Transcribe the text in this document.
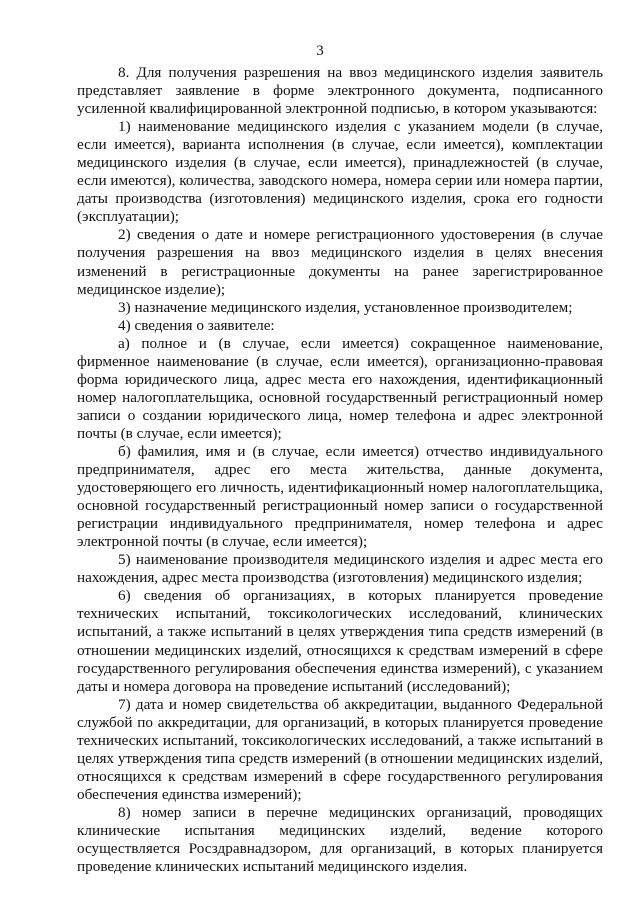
3

8. Для получения разрешения на ввоз медицинского изделия заявитель представляет заявление в форме электронного документа, подписанного усиленной квалифицированной электронной подписью, в котором указываются:

1) наименование медицинского изделия с указанием модели (в случае, если имеется), варианта исполнения (в случае, если имеется), комплектации медицинского изделия (в случае, если имеется), принадлежностей (в случае, если имеются), количества, заводского номера, номера серии или номера партии, даты производства (изготовления) медицинского изделия, срока его годности (эксплуатации);

2) сведения о дате и номере регистрационного удостоверения (в случае получения разрешения на ввоз медицинского изделия в целях внесения изменений в регистрационные документы на ранее зарегистрированное медицинское изделие);

3) назначение медицинского изделия, установленное производителем;

4) сведения о заявителе:

а) полное и (в случае, если имеется) сокращенное наименование, фирменное наименование (в случае, если имеется), организационно-правовая форма юридического лица, адрес места его нахождения, идентификационный номер налогоплательщика, основной государственный регистрационный номер записи о создании юридического лица, номер телефона и адрес электронной почты (в случае, если имеется);

б) фамилия, имя и (в случае, если имеется) отчество индивидуального предпринимателя, адрес его места жительства, данные документа, удостоверяющего его личность, идентификационный номер налогоплательщика, основной государственный регистрационный номер записи о государственной регистрации индивидуального предпринимателя, номер телефона и адрес электронной почты (в случае, если имеется);

5) наименование производителя медицинского изделия и адрес места его нахождения, адрес места производства (изготовления) медицинского изделия;

6) сведения об организациях, в которых планируется проведение технических испытаний, токсикологических исследований, клинических испытаний, а также испытаний в целях утверждения типа средств измерений (в отношении медицинских изделий, относящихся к средствам измерений в сфере государственного регулирования обеспечения единства измерений), с указанием даты и номера договора на проведение испытаний (исследований);

7) дата и номер свидетельства об аккредитации, выданного Федеральной службой по аккредитации, для организаций, в которых планируется проведение технических испытаний, токсикологических исследований, а также испытаний в целях утверждения типа средств измерений (в отношении медицинских изделий, относящихся к средствам измерений в сфере государственного регулирования обеспечения единства измерений);

8) номер записи в перечне медицинских организаций, проводящих клинические испытания медицинских изделий, ведение которого осуществляется Росздравнадзором, для организаций, в которых планируется проведение клинических испытаний медицинского изделия.
